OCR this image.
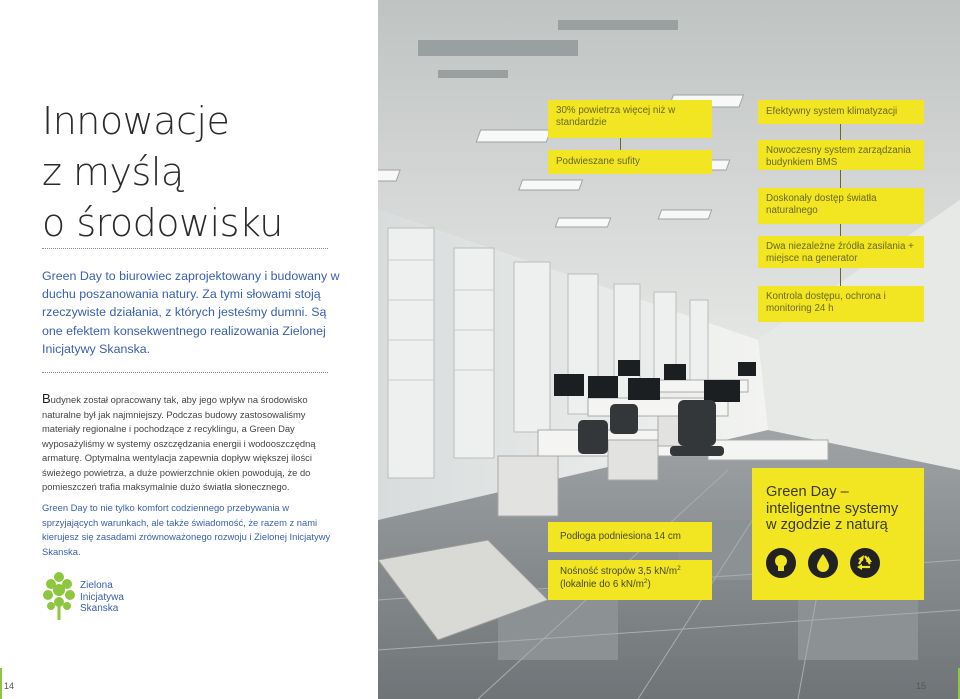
Innowacje
z myślą
o środowisku

Green Day to biurowiec zaprojektowany i budowany w duchu poszanowania natury. Za tymi słowami stoją rzeczywiste działania, z których jesteśmy dumni. Są one efektem konsekwentnego realizowania Zielonej Inicjatywy Skanska.

Budynek został opracowany tak, aby jego wpływ na środowisko naturalne był jak najmniejszy. Podczas budowy zastosowaliśmy materiały regionalne i pochodzące z recyklingu, a Green Day wyposażyliśmy w systemy oszczędzania energii i wodooszczędną armaturę. Optymalna wentylacja zapewnia dopływ większej ilości świeżego powietrza, a duże powierzchnie okien powodują, że do pomieszczeń trafia maksymalnie dużo światła słonecznego.

Green Day to nie tylko komfort codziennego przebywania w sprzyjających warunkach, ale także świadomość, że razem z nami kierujesz się zasadami zrównoważonego rozwoju i Zielonej Inicjatywy Skanska.

Zielona
Inicjatywa
Skanska
14
30% powietrza więcej niż w standardzie
Podwieszane sufity
Efektywny system klimatyzacji
Nowoczesny system zarządzania budynkiem BMS
Doskonały dostęp światła naturalnego
Dwa niezależne źródła zasilania + miejsce na generator
Kontrola dostępu, ochrona i monitoring 24 h
Podłoga podniesiona 14 cm
Nośność stropów 3,5 $kN/m^2$
(lokalnie do 6 $kN/m^2$)
Green Day – inteligentne systemy w zgodzie z naturą
15
